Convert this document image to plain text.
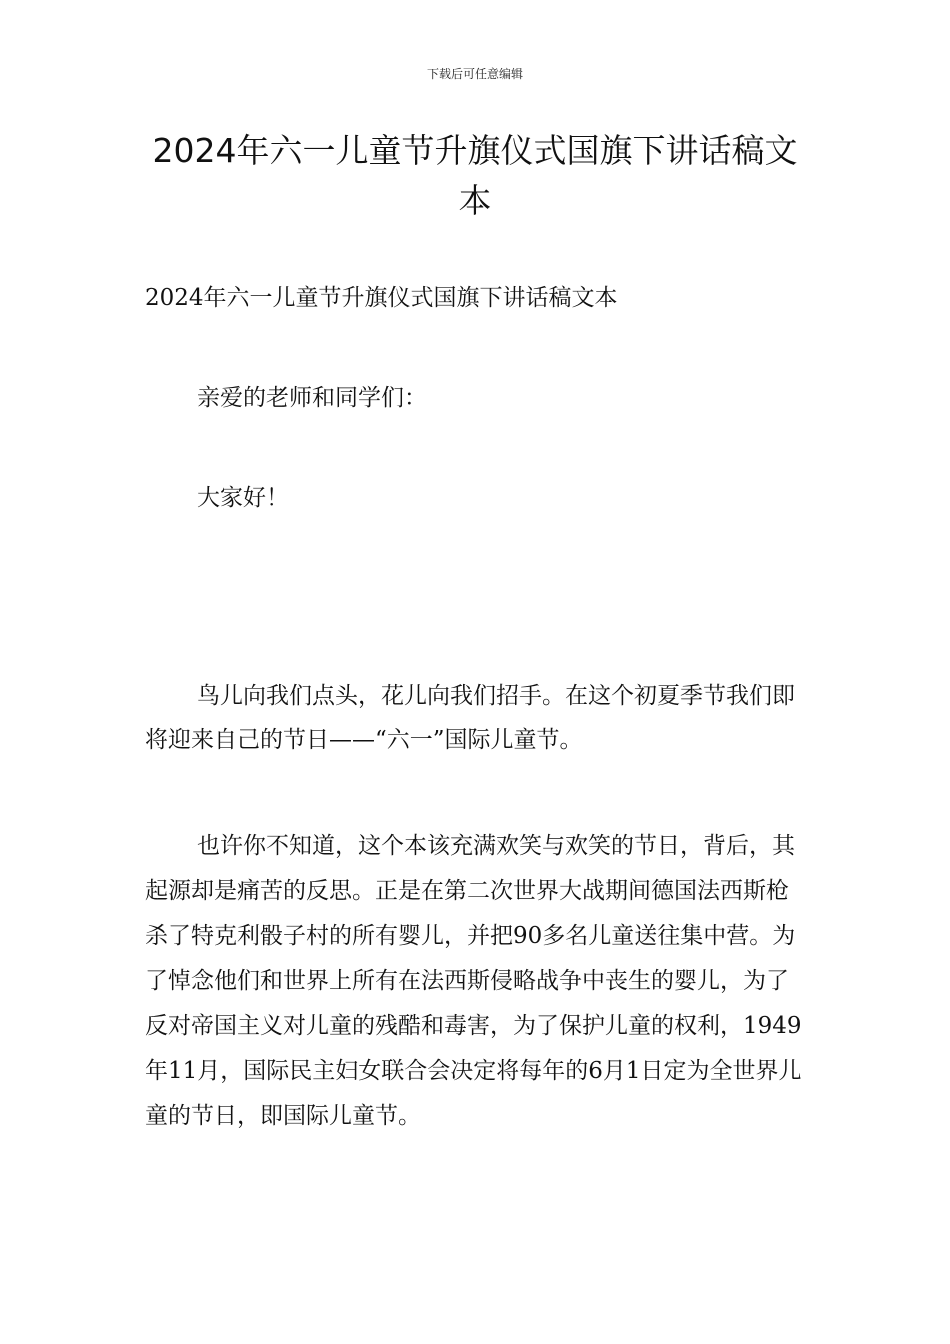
下载后可任意编辑
2024年六一儿童节升旗仪式国旗下讲话稿文本

2024年六一儿童节升旗仪式国旗下讲话稿文本

亲爱的老师和同学们：

大家好！

鸟儿向我们点头，花儿向我们招手。在这个初夏季节我们即将迎来自己的节日——“六一”国际儿童节。

也许你不知道，这个本该充满欢笑与欢笑的节日，背后，其起源却是痛苦的反思。正是在第二次世界大战期间德国法西斯枪杀了特克利骰子村的所有婴儿，并把90多名儿童送往集中营。为了悼念他们和世界上所有在法西斯侵略战争中丧生的婴儿，为了反对帝国主义对儿童的残酷和毒害，为了保护儿童的权利，1949年11月，国际民主妇女联合会决定将每年的6月1日定为全世界儿童的节日，即国际儿童节。
